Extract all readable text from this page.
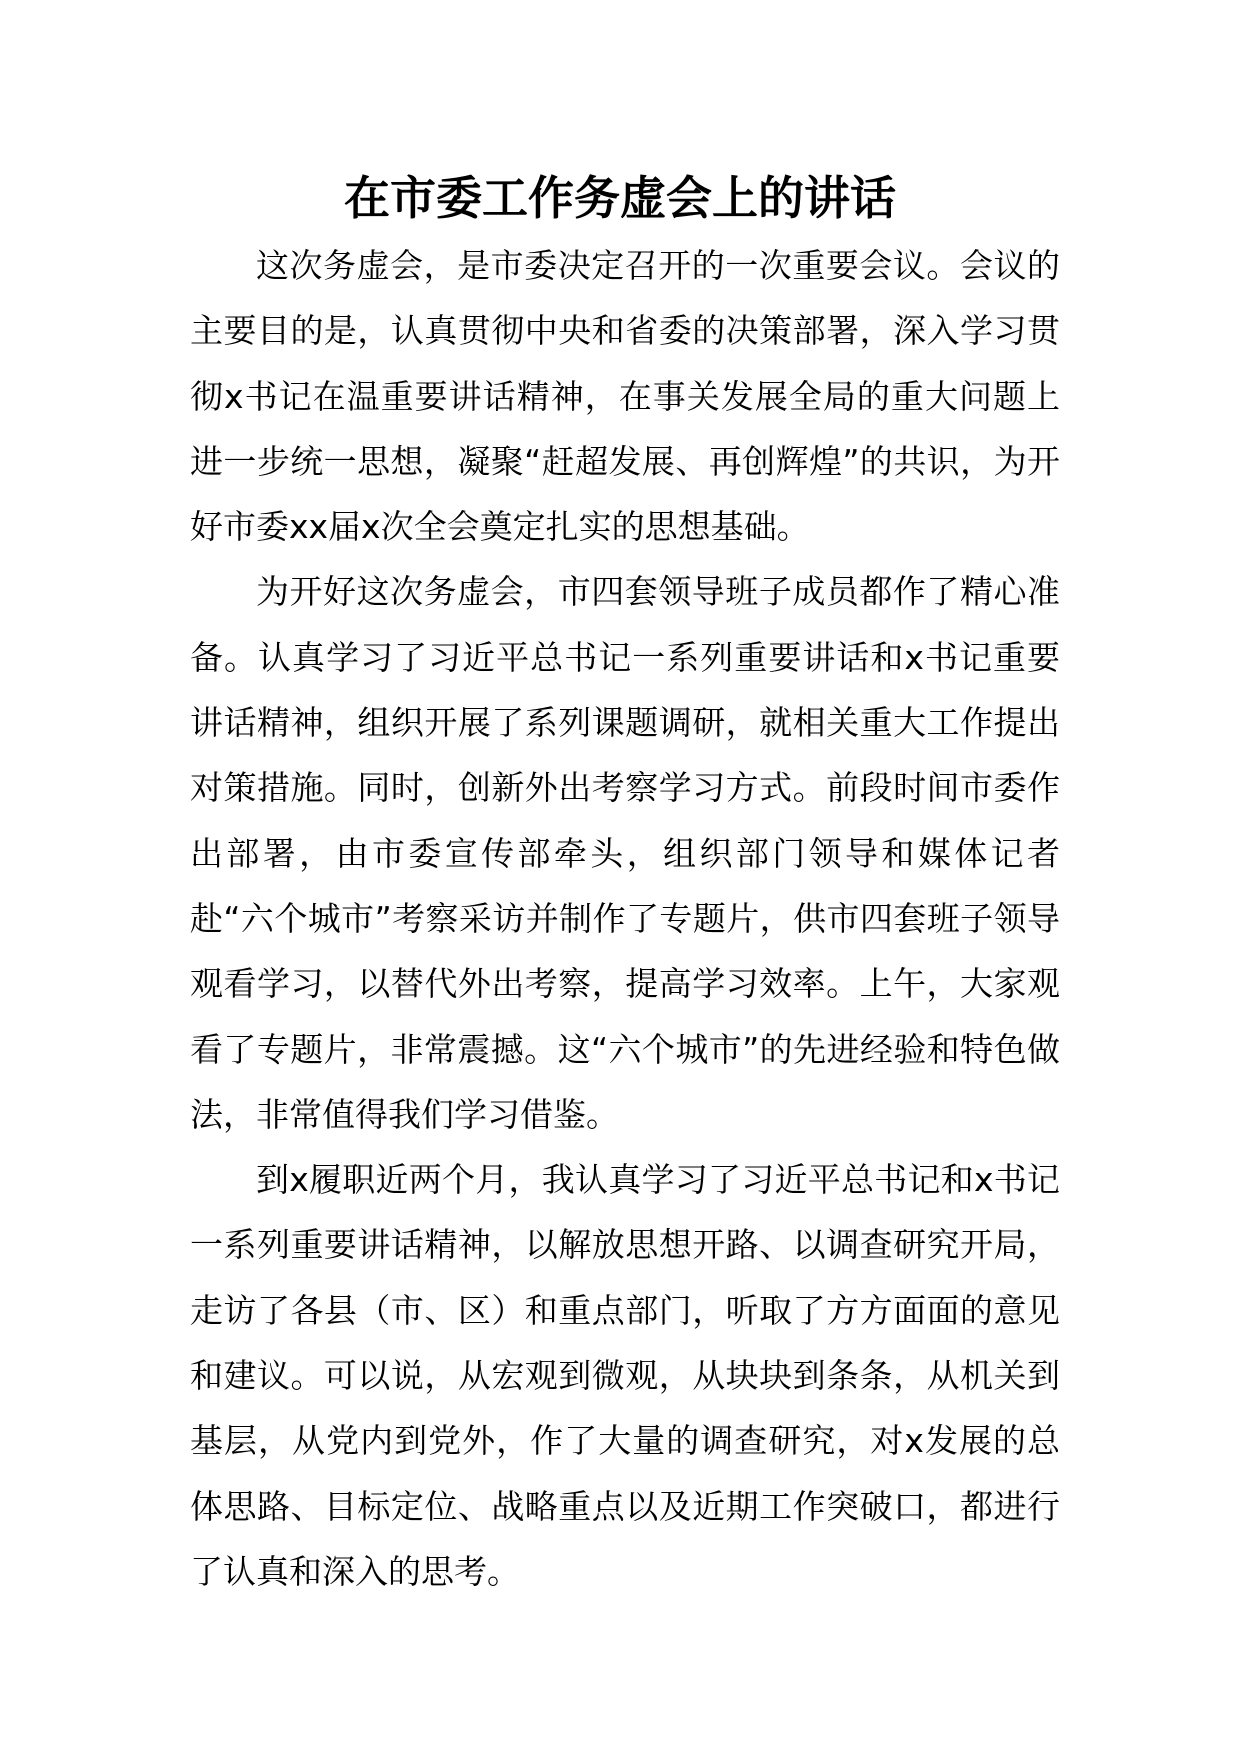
在市委工作务虚会上的讲话

这次务虚会，是市委决定召开的一次重要会议。会议的主要目的是，认真贯彻中央和省委的决策部署，深入学习贯彻x书记在温重要讲话精神，在事关发展全局的重大问题上进一步统一思想，凝聚“赶超发展、再创辉煌”的共识，为开好市委xx届x次全会奠定扎实的思想基础。

为开好这次务虚会，市四套领导班子成员都作了精心准备。认真学习了习近平总书记一系列重要讲话和x书记重要讲话精神，组织开展了系列课题调研，就相关重大工作提出对策措施。同时，创新外出考察学习方式。前段时间市委作出部署，由市委宣传部牵头，组织部门领导和媒体记者赴“六个城市”考察采访并制作了专题片，供市四套班子领导观看学习，以替代外出考察，提高学习效率。上午，大家观看了专题片，非常震撼。这“六个城市”的先进经验和特色做法，非常值得我们学习借鉴。

到x履职近两个月，我认真学习了习近平总书记和x书记一系列重要讲话精神，以解放思想开路、以调查研究开局，走访了各县（市、区）和重点部门，听取了方方面面的意见和建议。可以说，从宏观到微观，从块块到条条，从机关到基层，从党内到党外，作了大量的调查研究，对x发展的总体思路、目标定位、战略重点以及近期工作突破口，都进行了认真和深入的思考。
